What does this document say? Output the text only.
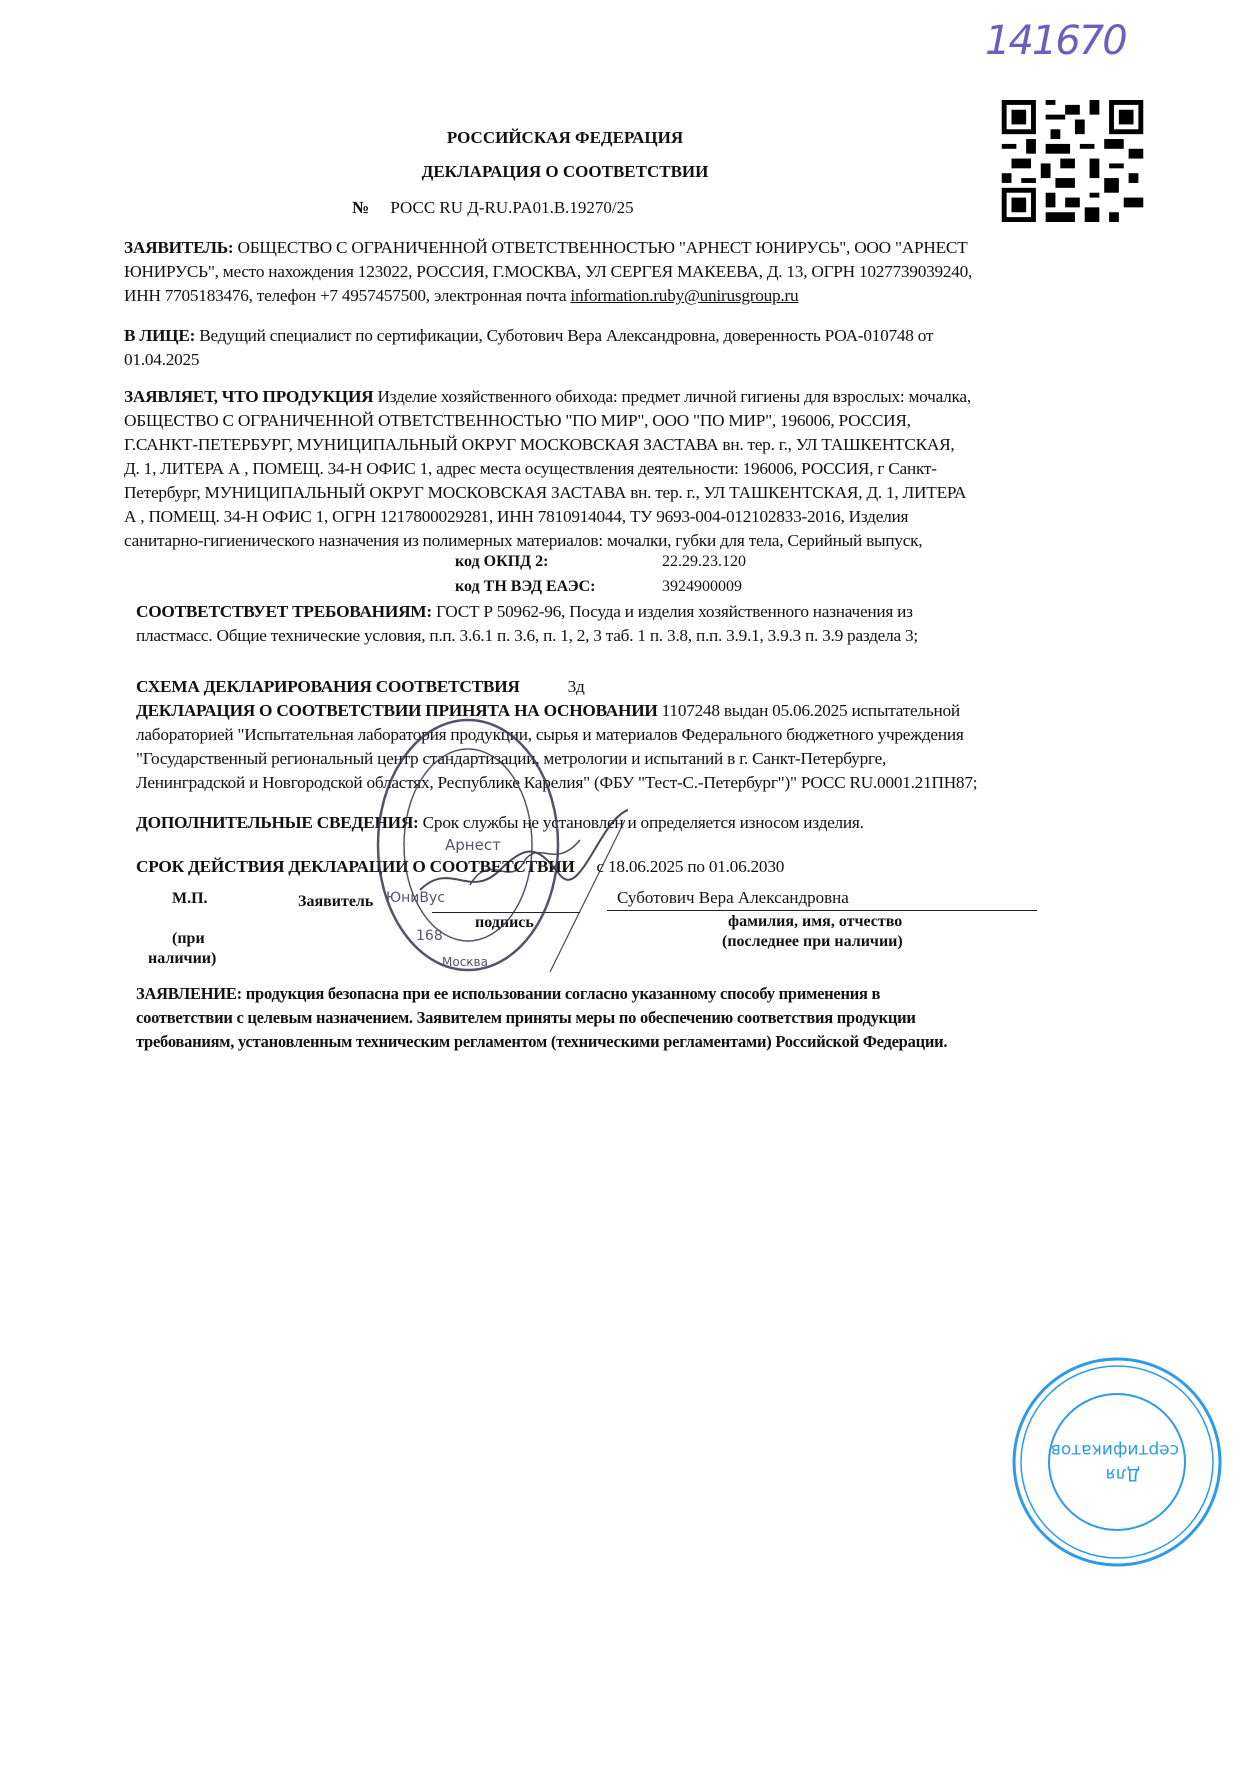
141670
РОССИЙСКАЯ ФЕДЕРАЦИЯ
ДЕКЛАРАЦИЯ О СООТВЕТСТВИИ
№ РОСС RU Д-RU.PA01.B.19270/25
ЗАЯВИТЕЛЬ: ОБЩЕСТВО С ОГРАНИЧЕННОЙ ОТВЕТСТВЕННОСТЬЮ "АРНЕСТ ЮНИРУСЬ", ООО "АРНЕСТ
ЮНИРУСЬ", место нахождения 123022, РОССИЯ, Г.МОСКВА, УЛ СЕРГЕЯ МАКЕЕВА, Д. 13, ОГРН 1027739039240,
ИНН 7705183476, телефон +7 4957457500, электронная почта information.ruby@unirusgroup.ru
В ЛИЦЕ: Ведущий специалист по сертификации, Суботович Вера Александровна, доверенность РОА-010748 от
01.04.2025
ЗАЯВЛЯЕТ, ЧТО ПРОДУКЦИЯ Изделие хозяйственного обихода: предмет личной гигиены для взрослых: мочалка,
ОБЩЕСТВО С ОГРАНИЧЕННОЙ ОТВЕТСТВЕННОСТЬЮ "ПО МИР", ООО "ПО МИР", 196006, РОССИЯ,
Г.САНКТ-ПЕТЕРБУРГ, МУНИЦИПАЛЬНЫЙ ОКРУГ МОСКОВСКАЯ ЗАСТАВА вн. тер. г., УЛ ТАШКЕНТСКАЯ,
Д. 1, ЛИТЕРА А , ПОМЕЩ. 34-Н ОФИС 1, адрес места осуществления деятельности: 196006, РОССИЯ, г Санкт-
Петербург, МУНИЦИПАЛЬНЫЙ ОКРУГ МОСКОВСКАЯ ЗАСТАВА вн. тер. г., УЛ ТАШКЕНТСКАЯ, Д. 1, ЛИТЕРА
А , ПОМЕЩ. 34-Н ОФИС 1, ОГРН 1217800029281, ИНН 7810914044, ТУ 9693-004-012102833-2016, Изделия
санитарно-гигиенического назначения из полимерных материалов: мочалки, губки для тела, Серийный выпуск,
код ОКПД 2:	22.29.23.120
код ТН ВЭД ЕАЭС:	3924900009
СООТВЕТСТВУЕТ ТРЕБОВАНИЯМ: ГОСТ Р 50962-96, Посуда и изделия хозяйственного назначения из
пластмасс. Общие технические условия, п.п. 3.6.1 п. 3.6, п. 1, 2, 3 таб. 1 п. 3.8, п.п. 3.9.1, 3.9.3 п. 3.9 раздела 3;
СХЕМА ДЕКЛАРИРОВАНИЯ СООТВЕТСТВИЯ	3д
ДЕКЛАРАЦИЯ О СООТВЕТСТВИИ ПРИНЯТА НА ОСНОВАНИИ 1107248 выдан 05.06.2025 испытательной
лабораторией "Испытательная лаборатория продукции, сырья и материалов Федерального бюджетного учреждения
"Государственный региональный центр стандартизации, метрологии и испытаний в г. Санкт-Петербурге,
Ленинградской и Новгородской областях, Республике Карелия" (ФБУ "Тест-С.-Петербург")" РОСС RU.0001.21ПН87;
ДОПОЛНИТЕЛЬНЫЕ СВЕДЕНИЯ: Срок службы не установлен и определяется износом изделия.
СРОК ДЕЙСТВИЯ ДЕКЛАРАЦИИ О СООТВЕТСТВИИ с 18.06.2025 по 01.06.2030
М.П.
(при
наличии)
Заявитель
подпись
Суботович Вера Александровна
фамилия, имя, отчество
(последнее при наличии)
ЗАЯВЛЕНИЕ: продукция безопасна при ее использовании согласно указанному способу применения в
соответствии с целевым назначением. Заявителем приняты меры по обеспечению соответствия продукции
требованиям, установленным техническим регламентом (техническими регламентами) Российской Федерации.
Арнест
ЮниВус
168
Москва
Для
сертификатов
